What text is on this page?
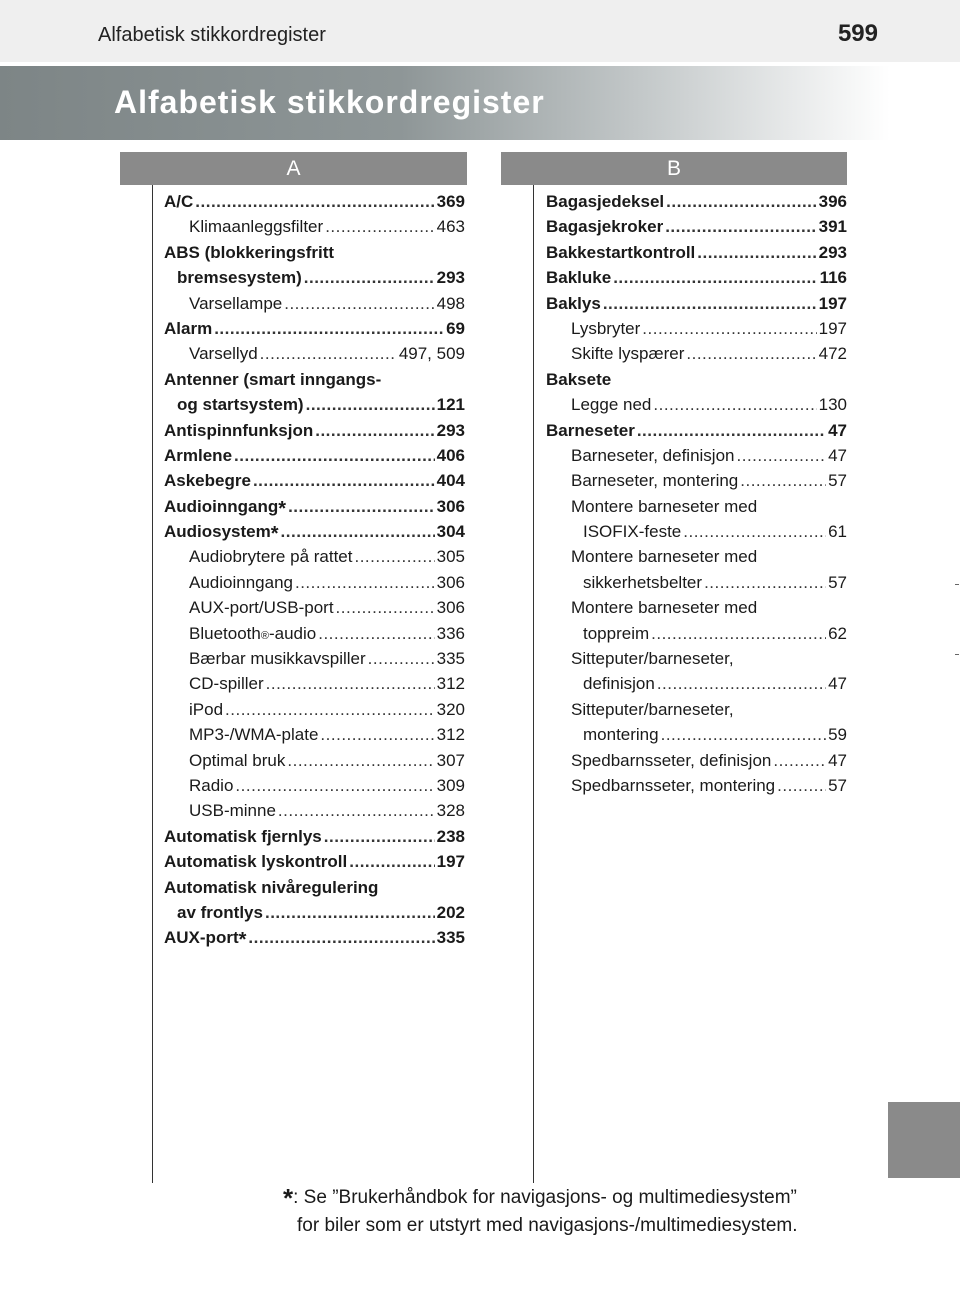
Alfabetisk stikkordregister	599
Alfabetisk stikkordregister
A	B
A/C .....	369
Klimaanleggsfilter .....	463
ABS (blokkeringsfritt
bremsesystem) .....	293
Varsellampe .....	498
Alarm .....	69
Varsellyd .....	497, 509
Antenner (smart inngangs-
og startsystem) .....	121
Antispinnfunksjon .....	293
Armlene .....	406
Askebegre .....	404
Audioinngang* .....	306
Audiosystem* .....	304
Audiobrytere på rattet .....	305
Audioinngang .....	306
AUX-port/USB-port .....	306
Bluetooth ® -audio .....	336
Bærbar musikkavspiller .....	335
CD-spiller .....	312
iPod .....	320
MP3-/WMA-plate .....	312
Optimal bruk .....	307
Radio .....	309
USB-minne .....	328
Automatisk fjernlys .....	238
Automatisk lyskontroll .....	197
Automatisk nivåregulering
av frontlys .....	202
AUX-port* .....	335
Bagasjedeksel .....	396
Bagasjekroker .....	391
Bakkestartkontroll .....	293
Bakluke .....	116
Baklys .....	197
Lysbryter .....	197
Skifte lyspærer .....	472
Baksete
Legge ned .....	130
Barneseter .....	47
Barneseter, definisjon .....	47
Barneseter, montering .....	57
Montere barneseter med
ISOFIX-feste .....	61
Montere barneseter med
sikkerhetsbelter .....	57
Montere barneseter med
toppreim .....	62
Sitteputer/barneseter,
definisjon .....	47
Sitteputer/barneseter,
montering .....	59
Spedbarnsseter, definisjon .....	47
Spedbarnsseter, montering .....	57
*: Se ”Brukerhåndbok for navigasjons- og multimediesystem”
for biler som er utstyrt med navigasjons-/multimediesystem.
